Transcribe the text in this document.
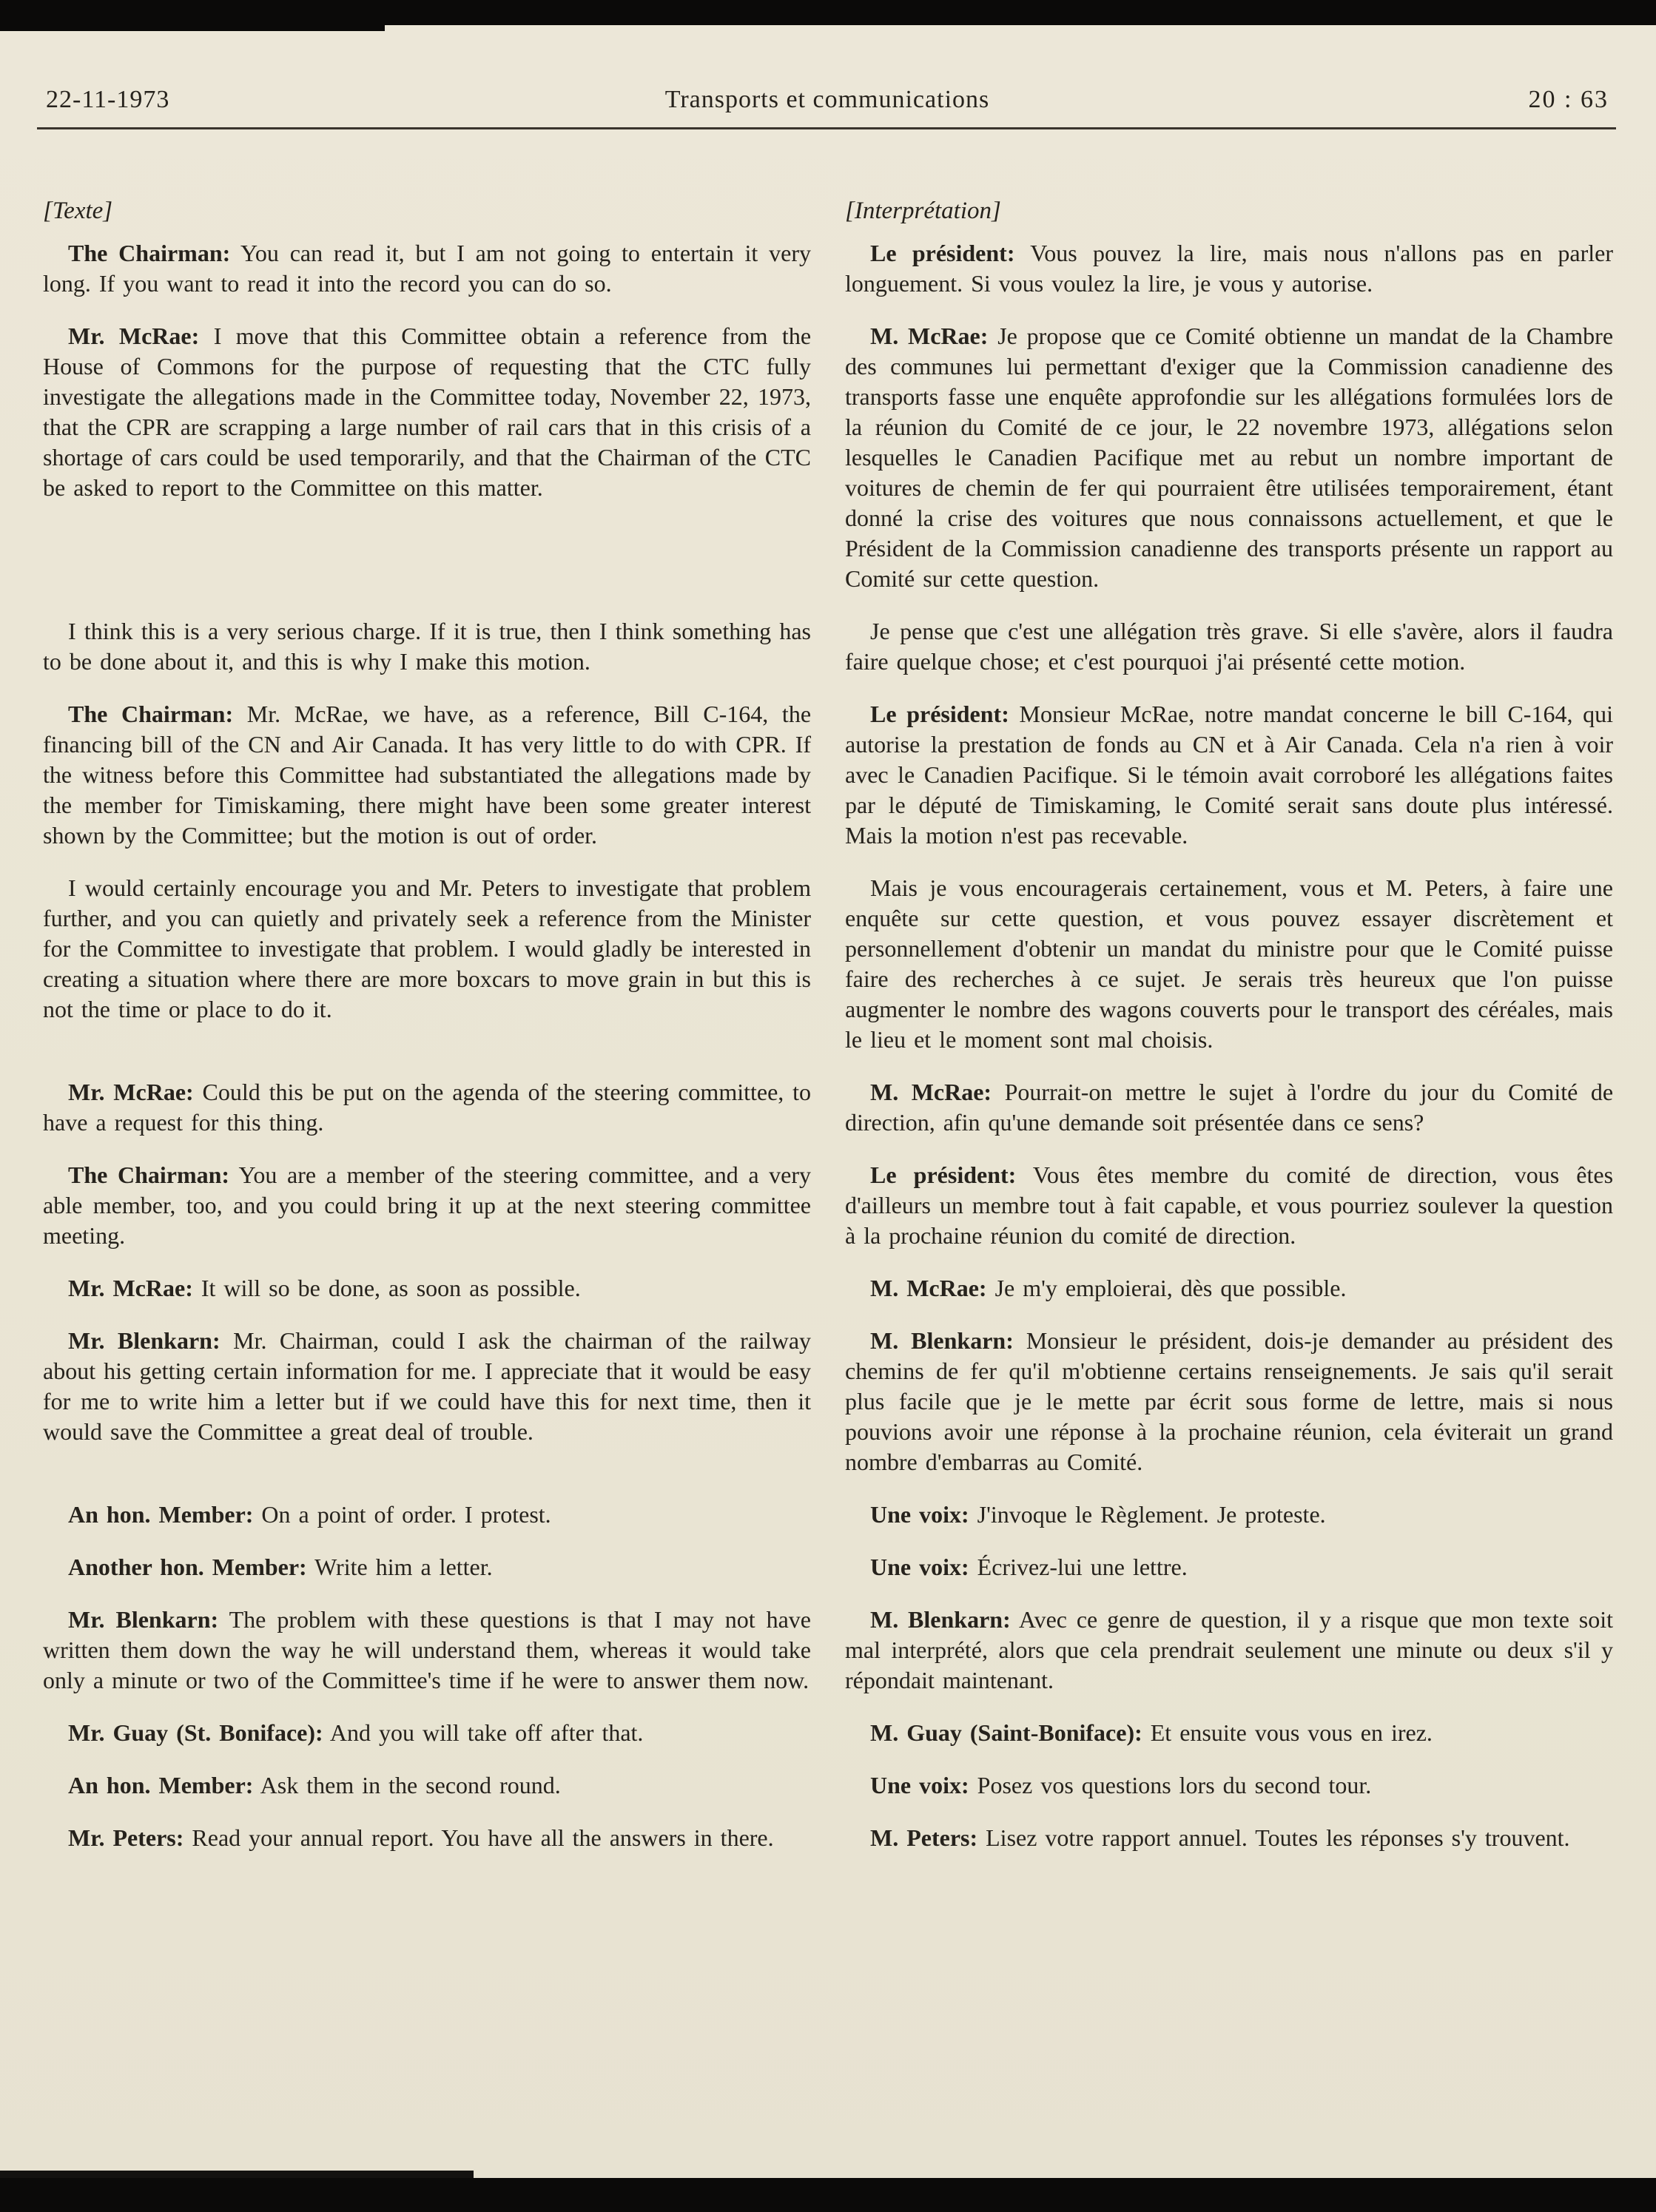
22-11-1973	Transports et communications	20 : 63
[Texte]	[Interprétation]

The Chairman: You can read it, but I am not going to entertain it very long. If you want to read it into the record you can do so.

Le président: Vous pouvez la lire, mais nous n'allons pas en parler longuement. Si vous voulez la lire, je vous y autorise.

Mr. McRae: I move that this Committee obtain a reference from the House of Commons for the purpose of requesting that the CTC fully investigate the allegations made in the Committee today, November 22, 1973, that the CPR are scrapping a large number of rail cars that in this crisis of a shortage of cars could be used temporarily, and that the Chairman of the CTC be asked to report to the Committee on this matter.

M. McRae: Je propose que ce Comité obtienne un mandat de la Chambre des communes lui permettant d'exiger que la Commission canadienne des transports fasse une enquête approfondie sur les allégations formulées lors de la réunion du Comité de ce jour, le 22 novembre 1973, allégations selon lesquelles le Canadien Pacifique met au rebut un nombre important de voitures de chemin de fer qui pourraient être utilisées temporairement, étant donné la crise des voitures que nous connaissons actuellement, et que le Président de la Commission canadienne des transports présente un rapport au Comité sur cette question.

I think this is a very serious charge. If it is true, then I think something has to be done about it, and this is why I make this motion.

Je pense que c'est une allégation très grave. Si elle s'avère, alors il faudra faire quelque chose; et c'est pourquoi j'ai présenté cette motion.

The Chairman: Mr. McRae, we have, as a reference, Bill C-164, the financing bill of the CN and Air Canada. It has very little to do with CPR. If the witness before this Committee had substantiated the allegations made by the member for Timiskaming, there might have been some greater interest shown by the Committee; but the motion is out of order.

Le président: Monsieur McRae, notre mandat concerne le bill C-164, qui autorise la prestation de fonds au CN et à Air Canada. Cela n'a rien à voir avec le Canadien Pacifique. Si le témoin avait corroboré les allégations faites par le député de Timiskaming, le Comité serait sans doute plus intéressé. Mais la motion n'est pas recevable.

I would certainly encourage you and Mr. Peters to investigate that problem further, and you can quietly and privately seek a reference from the Minister for the Committee to investigate that problem. I would gladly be interested in creating a situation where there are more boxcars to move grain in but this is not the time or place to do it.

Mais je vous encouragerais certainement, vous et M. Peters, à faire une enquête sur cette question, et vous pouvez essayer discrètement et personnellement d'obtenir un mandat du ministre pour que le Comité puisse faire des recherches à ce sujet. Je serais très heureux que l'on puisse augmenter le nombre des wagons couverts pour le transport des céréales, mais le lieu et le moment sont mal choisis.

Mr. McRae: Could this be put on the agenda of the steering committee, to have a request for this thing.

M. McRae: Pourrait-on mettre le sujet à l'ordre du jour du Comité de direction, afin qu'une demande soit présentée dans ce sens?

The Chairman: You are a member of the steering committee, and a very able member, too, and you could bring it up at the next steering committee meeting.

Le président: Vous êtes membre du comité de direction, vous êtes d'ailleurs un membre tout à fait capable, et vous pourriez soulever la question à la prochaine réunion du comité de direction.

Mr. McRae: It will so be done, as soon as possible.	M. McRae: Je m'y emploierai, dès que possible.

Mr. Blenkarn: Mr. Chairman, could I ask the chairman of the railway about his getting certain information for me. I appreciate that it would be easy for me to write him a letter but if we could have this for next time, then it would save the Committee a great deal of trouble.

M. Blenkarn: Monsieur le président, dois-je demander au président des chemins de fer qu'il m'obtienne certains renseignements. Je sais qu'il serait plus facile que je le mette par écrit sous forme de lettre, mais si nous pouvions avoir une réponse à la prochaine réunion, cela éviterait un grand nombre d'embarras au Comité.

An hon. Member: On a point of order. I protest.	Une voix: J'invoque le Règlement. Je proteste.

Another hon. Member: Write him a letter.	Une voix: Écrivez-lui une lettre.

Mr. Blenkarn: The problem with these questions is that I may not have written them down the way he will understand them, whereas it would take only a minute or two of the Committee's time if he were to answer them now.

M. Blenkarn: Avec ce genre de question, il y a risque que mon texte soit mal interprété, alors que cela prendrait seulement une minute ou deux s'il y répondait maintenant.

Mr. Guay (St. Boniface): And you will take off after that.	M. Guay (Saint-Boniface): Et ensuite vous vous en irez.

An hon. Member: Ask them in the second round.	Une voix: Posez vos questions lors du second tour.

Mr. Peters: Read your annual report. You have all the answers in there.	M. Peters: Lisez votre rapport annuel. Toutes les réponses s'y trouvent.
